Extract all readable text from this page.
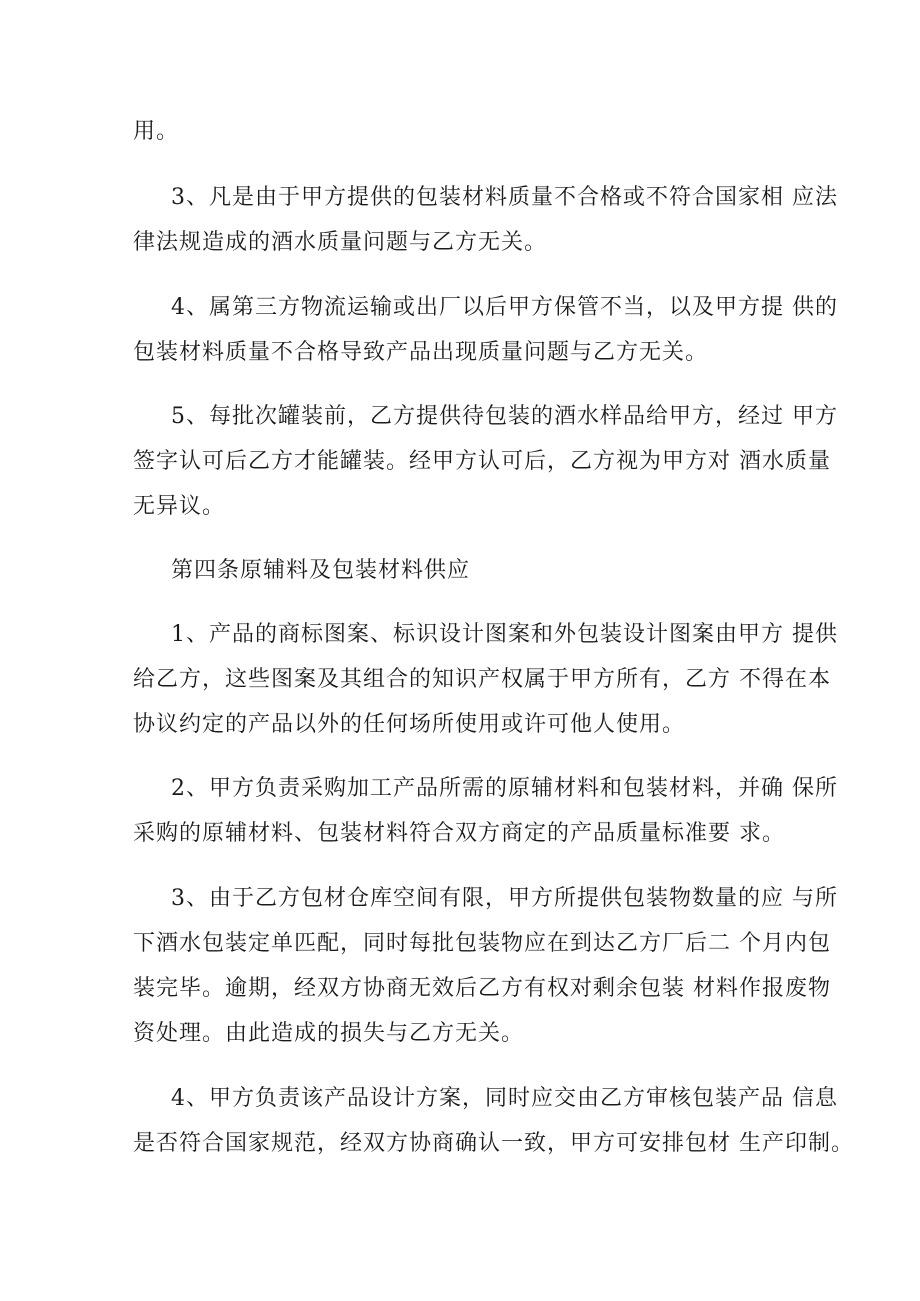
用。
3、凡是由于甲方提供的包装材料质量不合格或不符合国家相 应法
律法规造成的酒水质量问题与乙方无关。
4、属第三方物流运输或出厂以后甲方保管不当，以及甲方提 供的
包装材料质量不合格导致产品出现质量问题与乙方无关。
5、每批次罐装前，乙方提供待包装的酒水样品给甲方，经过 甲方
签字认可后乙方才能罐装。经甲方认可后，乙方视为甲方对 酒水质量
无异议。
第四条原辅料及包装材料供应
1、产品的商标图案、标识设计图案和外包装设计图案由甲方 提供
给乙方，这些图案及其组合的知识产权属于甲方所有，乙方 不得在本
协议约定的产品以外的任何场所使用或许可他人使用。
2、甲方负责采购加工产品所需的原辅材料和包装材料，并确 保所
采购的原辅材料、包装材料符合双方商定的产品质量标准要 求。
3、由于乙方包材仓库空间有限，甲方所提供包装物数量的应 与所
下酒水包装定单匹配，同时每批包装物应在到达乙方厂后二 个月内包
装完毕。逾期，经双方协商无效后乙方有权对剩余包装 材料作报废物
资处理。由此造成的损失与乙方无关。
4、甲方负责该产品设计方案，同时应交由乙方审核包装产品 信息
是否符合国家规范，经双方协商确认一致，甲方可安排包材 生产印制。
